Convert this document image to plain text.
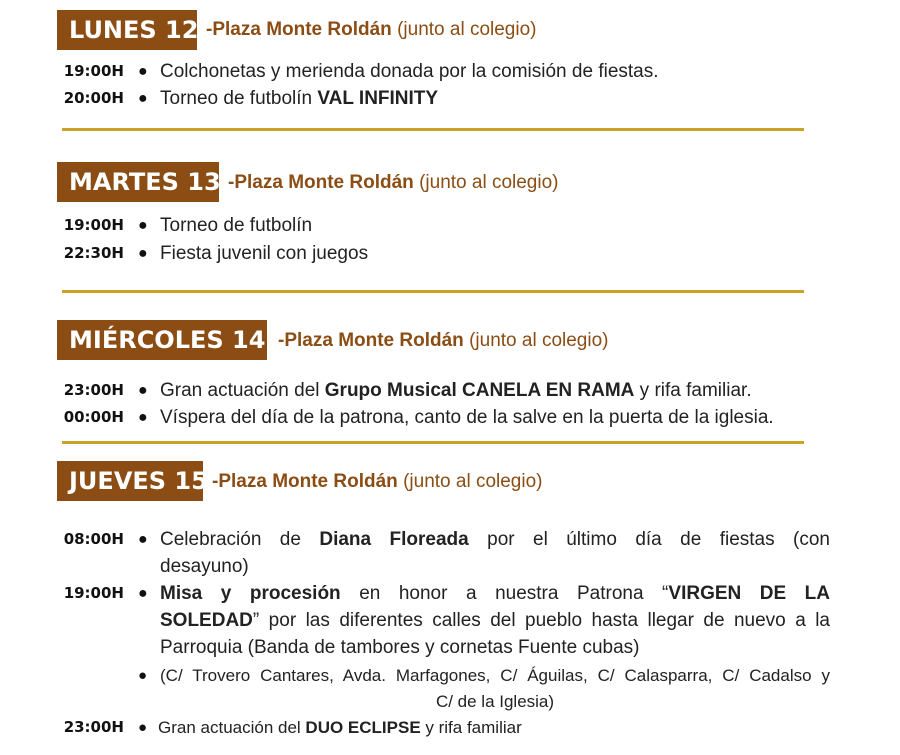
LUNES 12 -Plaza Monte Roldán (junto al colegio)
19:00H ● Colchonetas y merienda donada por la comisión de fiestas.
20:00H ● Torneo de futbolín VAL INFINITY
MARTES 13 -Plaza Monte Roldán (junto al colegio)
19:00H ● Torneo de futbolín
22:30H ● Fiesta juvenil con juegos
MIÉRCOLES 14 -Plaza Monte Roldán (junto al colegio)
23:00H ● Gran actuación del Grupo Musical CANELA EN RAMA y rifa familiar.
00:00H ● Víspera del día de la patrona, canto de la salve en la puerta de la iglesia.
JUEVES 15 -Plaza Monte Roldán (junto al colegio)
08:00H ● Celebración de Diana Floreada por el último día de fiestas (con
desayuno)
19:00H ● Misa y procesión en honor a nuestra Patrona “VIRGEN DE LA
SOLEDAD” por las diferentes calles del pueblo hasta llegar de nuevo a la
Parroquia (Banda de tambores y cornetas Fuente cubas)
● (C/ Trovero Cantares, Avda. Marfagones, C/ Águilas, C/ Calasparra, C/ Cadalso y
C/ de la Iglesia)
23:00H ● Gran actuación del DUO ECLIPSE y rifa familiar
